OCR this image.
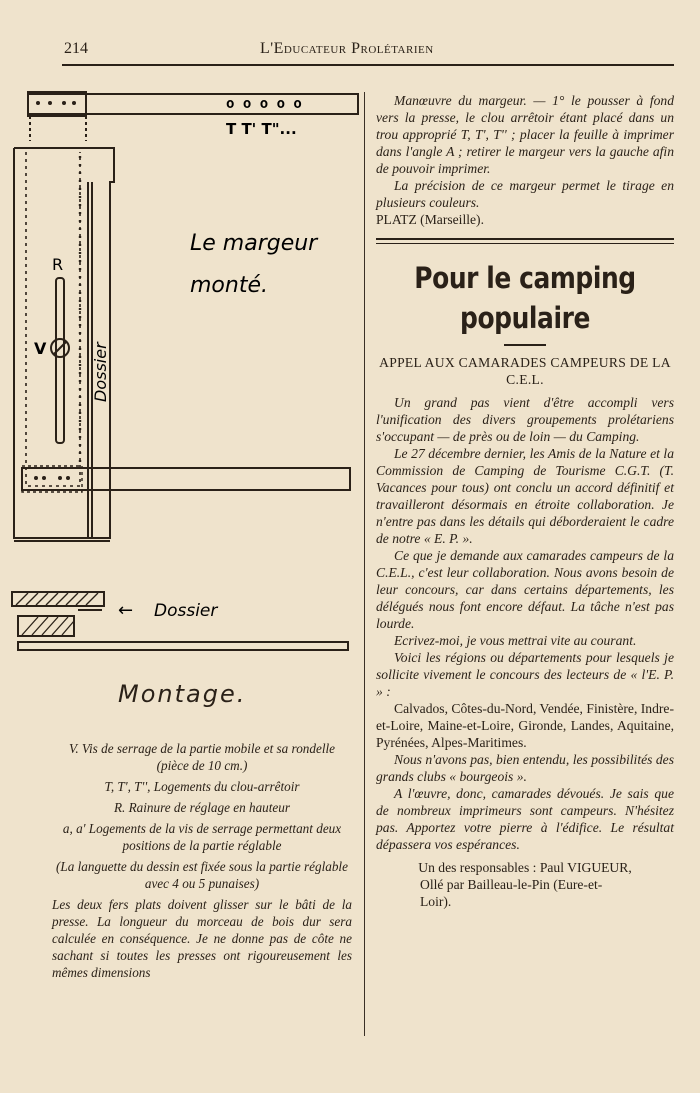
214	L'Educateur Prolétarien
o o o o o
T T' T"...
Le margeur
monté.
R
V	Dossier
← Dossier
Montage.

V. Vis de serrage de la partie mobile et sa rondelle (pièce de 10 cm.)

T, T', T'', Logements du clou-arrêtoir

R. Rainure de réglage en hauteur

a, a' Logements de la vis de serrage permettant deux positions de la partie réglable

(La languette du dessin est fixée sous la partie réglable avec 4 ou 5 punaises)

Les deux fers plats doivent glisser sur le bâti de la presse. La longueur du morceau de bois dur sera calculée en conséquence. Je ne donne pas de côte ne sachant si toutes les presses ont rigoureusement les mêmes dimensions

Manœuvre du margeur. — 1° le pousser à fond vers la presse, le clou arrêtoir étant placé dans un trou approprié T, T', T'' ; placer la feuille à imprimer dans l'angle A ; retirer le margeur vers la gauche afin de pouvoir imprimer.

La précision de ce margeur permet le tirage en plusieurs couleurs.

PLATZ (Marseille).

Pour le camping
populaire
APPEL AUX CAMARADES CAMPEURS DE LA C.E.L.

Un grand pas vient d'être accompli vers l'unification des divers groupements prolétariens s'occupant — de près ou de loin — du Camping.

Le 27 décembre dernier, les Amis de la Nature et la Commission de Camping de Tourisme C.G.T. (T. Vacances pour tous) ont conclu un accord définitif et travailleront désormais en étroite collaboration. Je n'entre pas dans les détails qui déborderaient le cadre de notre « E. P. ».

Ce que je demande aux camarades campeurs de la C.E.L., c'est leur collaboration. Nous avons besoin de leur concours, car dans certains départements, les délégués nous font encore défaut. La tâche n'est pas lourde.

Ecrivez-moi, je vous mettrai vite au courant.

Voici les régions ou départements pour lesquels je sollicite vivement le concours des lecteurs de « l'E. P. » :

Calvados, Côtes-du-Nord, Vendée, Finistère, Indre-et-Loire, Maine-et-Loire, Gironde, Landes, Aquitaine, Pyrénées, Alpes-Maritimes.

Nous n'avons pas, bien entendu, les possibilités des grands clubs « bourgeois ».

A l'œuvre, donc, camarades dévoués. Je sais que de nombreux imprimeurs sont campeurs. N'hésitez pas. Apportez votre pierre à l'édifice. Le résultat dépassera vos espérances.

Un des responsables : Paul VIGUEUR,
Ollé par Bailleau-le-Pin (Eure-et-
Loir).
